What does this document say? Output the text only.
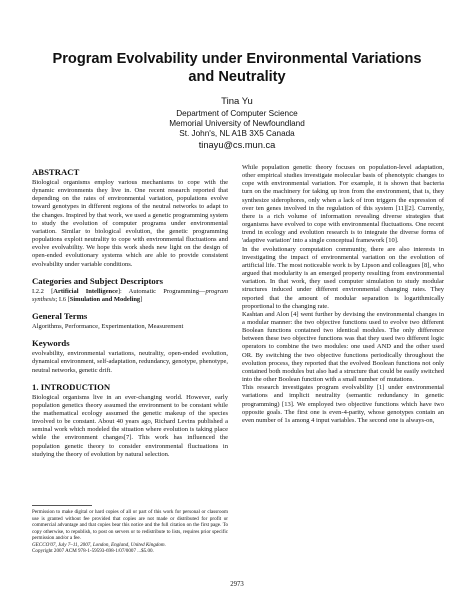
Program Evolvability under Environmental Variations and Neutrality
Tina Yu
Department of Computer Science
Memorial University of Newfoundland
St. John's, NL A1B 3X5 Canada
tinayu@cs.mun.ca
ABSTRACT

Biological organisms employ various mechanisms to cope with the dynamic environments they live in. One recent research reported that depending on the rates of environmental variation, populations evolve toward genotypes in different regions of the neutral networks to adapt to the changes. Inspired by that work, we used a genetic programming system to study the evolution of computer programs under environmental variation. Similar to biological evolution, the genetic programming populations exploit neutrality to cope with environmental fluctuations and evolve evolvability. We hope this work sheds new light on the design of open-ended evolutionary systems which are able to provide consistent evolvability under variable conditions.

Categories and Subject Descriptors

I.2.2 [Artificial Intelligence]: Automatic Programming—program synthesis; I.6 [Simulation and Modeling]

General Terms

Algorithms, Performance, Experimentation, Measurement

Keywords

evolvability, environmental variations, neutrality, open-ended evolution, dynamical environment, self-adaptation, redundancy, genotype, phenotype, neutral networks, genetic drift.

1. INTRODUCTION

Biological organisms live in an ever-changing world. However, early population genetics theory assumed the environment to be constant while the mathematical ecology assumed the genetic makeup of the species involved to be constant. About 40 years ago, Richard Levins published a seminal work which modeled the situation where evolution is taking place while the environment changes[7]. This work has influenced the population genetic theory to consider environmental fluctuations in studying the theory of evolution by natural selection.

Permission to make digital or hard copies of all or part of this work for personal or classroom use is granted without fee provided that copies are not made or distributed for profit or commercial advantage and that copies bear this notice and the full citation on the first page. To copy otherwise, to republish, to post on servers or to redistribute to lists, requires prior specific permission and/or a fee.

GECCO'07, July 7–11, 2007, London, England, United Kingdom.

Copyright 2007 ACM 978-1-59593-698-1/07/0007 ...$5.00.

While population genetic theory focuses on population-level adaptation, other empirical studies investigate molecular basis of phenotypic changes to cope with environmental variation. For example, it is shown that bacteria turn on the machinery for taking up iron from the environment, that is, they synthesize siderophores, only when a lack of iron triggers the expression of over ten genes involved in the regulation of this system [11][2]. Currently, there is a rich volume of information revealing diverse strategies that organisms have evolved to cope with environmental fluctuations. One recent trend in ecology and evolution research is to integrate the diverse forms of 'adaptive variation' into a single conceptual framework [10].

In the evolutionary computation community, there are also interests in investigating the impact of environmental variation on the evolution of artificial life. The most noticeable work is by Lipson and colleagues [8], who argued that modularity is an emerged property resulting from environmental variation. In that work, they used computer simulation to study modular structures induced under different environmental changing rates. They reported that the amount of modular separation is logarithmically proportional to the changing rate.

Kashtan and Alon [4] went further by devising the environmental changes in a modular manner: the two objective functions used to evolve two different Boolean functions contained two identical modules. The only difference between these two objective functions was that they used two different logic operators to combine the two modules: one used AND and the other used OR. By switching the two objective functions periodically throughout the evolution process, they reported that the evolved Boolean functions not only contained both modules but also had a structure that could be easily switched into the other Boolean function with a small number of mutations.

This research investigates program evolvability [1] under environmental variations and implicit neutrality (semantic redundancy in genetic programming) [13]. We employed two objective functions which have two opposite goals. The first one is even-4-parity, whose genotypes contain an even number of 1s among 4 input variables. The second one is always-on,

2973
